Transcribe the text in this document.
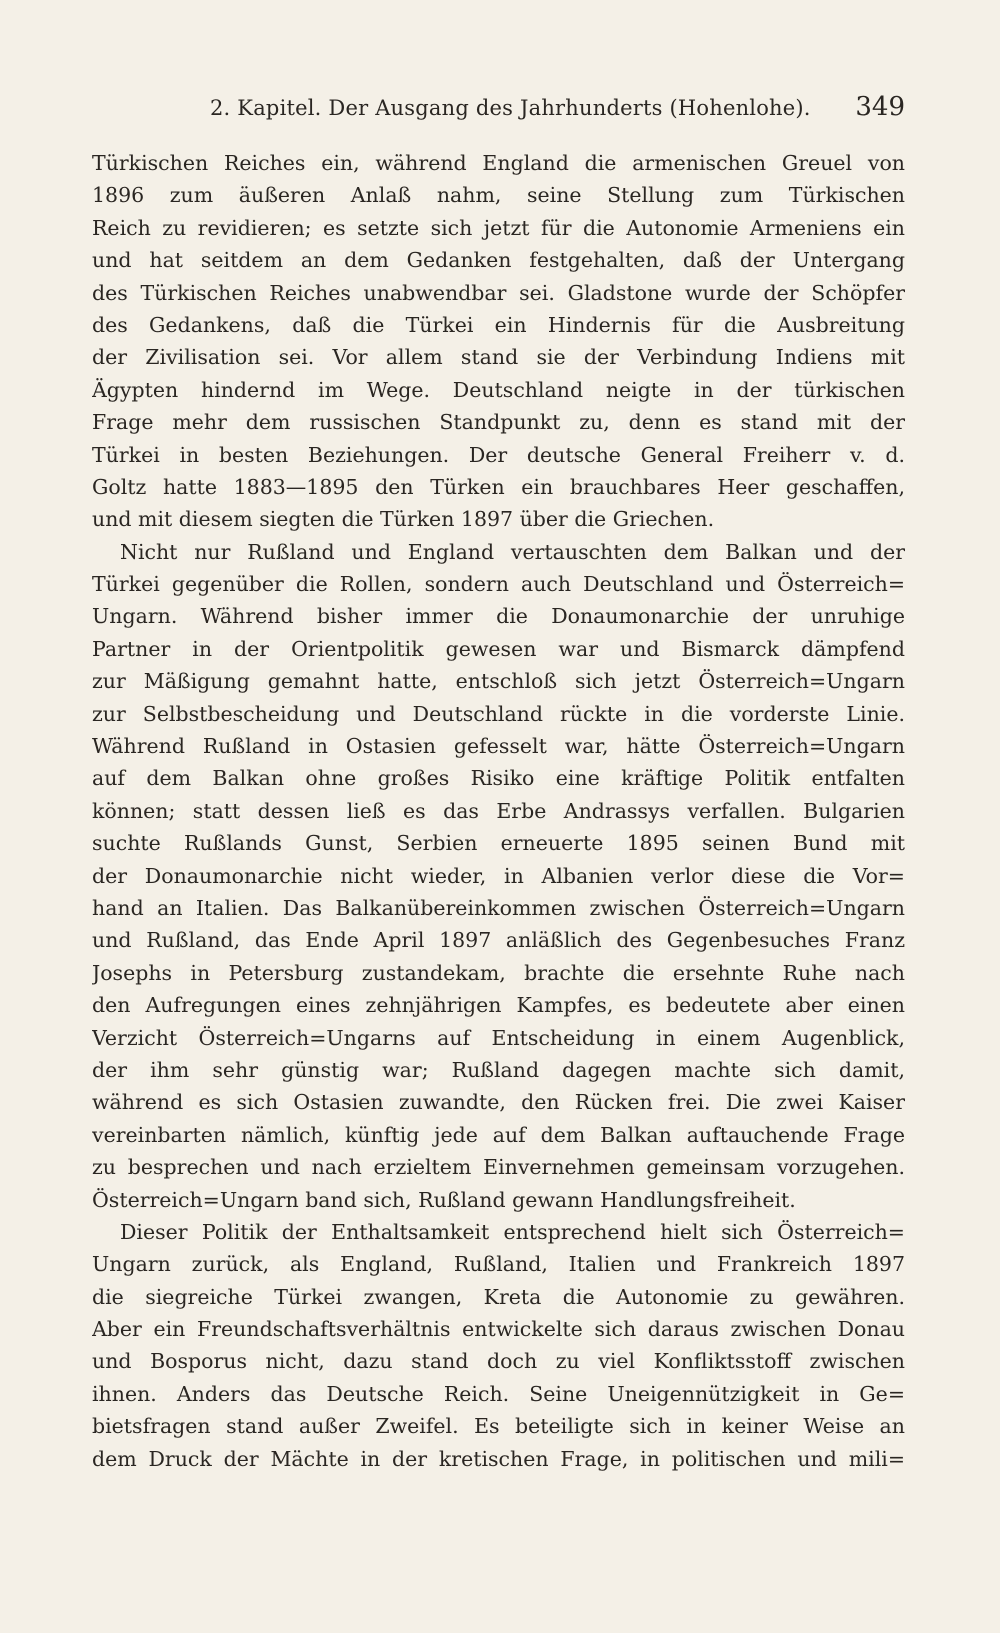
2. Kapitel. Der Ausgang des Jahrhunderts (Hohenlohe). 349
Türkischen Reiches ein, während England die armenischen Greuel von
1896 zum äußeren Anlaß nahm, seine Stellung zum Türkischen
Reich zu revidieren; es setzte sich jetzt für die Autonomie Armeniens ein
und hat seitdem an dem Gedanken festgehalten, daß der Untergang
des Türkischen Reiches unabwendbar sei. Gladstone wurde der Schöpfer
des Gedankens, daß die Türkei ein Hindernis für die Ausbreitung
der Zivilisation sei. Vor allem stand sie der Verbindung Indiens mit
Ägypten hindernd im Wege. Deutschland neigte in der türkischen
Frage mehr dem russischen Standpunkt zu, denn es stand mit der
Türkei in besten Beziehungen. Der deutsche General Freiherr v. d.
Goltz hatte 1883—1895 den Türken ein brauchbares Heer geschaffen,
und mit diesem siegten die Türken 1897 über die Griechen.
Nicht nur Rußland und England vertauschten dem Balkan und der
Türkei gegenüber die Rollen, sondern auch Deutschland und Österreich=
Ungarn. Während bisher immer die Donaumonarchie der unruhige
Partner in der Orientpolitik gewesen war und Bismarck dämpfend
zur Mäßigung gemahnt hatte, entschloß sich jetzt Österreich=Ungarn
zur Selbstbescheidung und Deutschland rückte in die vorderste Linie.
Während Rußland in Ostasien gefesselt war, hätte Österreich=Ungarn
auf dem Balkan ohne großes Risiko eine kräftige Politik entfalten
können; statt dessen ließ es das Erbe Andrassys verfallen. Bulgarien
suchte Rußlands Gunst, Serbien erneuerte 1895 seinen Bund mit
der Donaumonarchie nicht wieder, in Albanien verlor diese die Vor=
hand an Italien. Das Balkanübereinkommen zwischen Österreich=Ungarn
und Rußland, das Ende April 1897 anläßlich des Gegenbesuches Franz
Josephs in Petersburg zustandekam, brachte die ersehnte Ruhe nach
den Aufregungen eines zehnjährigen Kampfes, es bedeutete aber einen
Verzicht Österreich=Ungarns auf Entscheidung in einem Augenblick,
der ihm sehr günstig war; Rußland dagegen machte sich damit,
während es sich Ostasien zuwandte, den Rücken frei. Die zwei Kaiser
vereinbarten nämlich, künftig jede auf dem Balkan auftauchende Frage
zu besprechen und nach erzieltem Einvernehmen gemeinsam vorzugehen.
Österreich=Ungarn band sich, Rußland gewann Handlungsfreiheit.
Dieser Politik der Enthaltsamkeit entsprechend hielt sich Österreich=
Ungarn zurück, als England, Rußland, Italien und Frankreich 1897
die siegreiche Türkei zwangen, Kreta die Autonomie zu gewähren.
Aber ein Freundschaftsverhältnis entwickelte sich daraus zwischen Donau
und Bosporus nicht, dazu stand doch zu viel Konfliktsstoff zwischen
ihnen. Anders das Deutsche Reich. Seine Uneigennützigkeit in Ge=
bietsfragen stand außer Zweifel. Es beteiligte sich in keiner Weise an
dem Druck der Mächte in der kretischen Frage, in politischen und mili=
